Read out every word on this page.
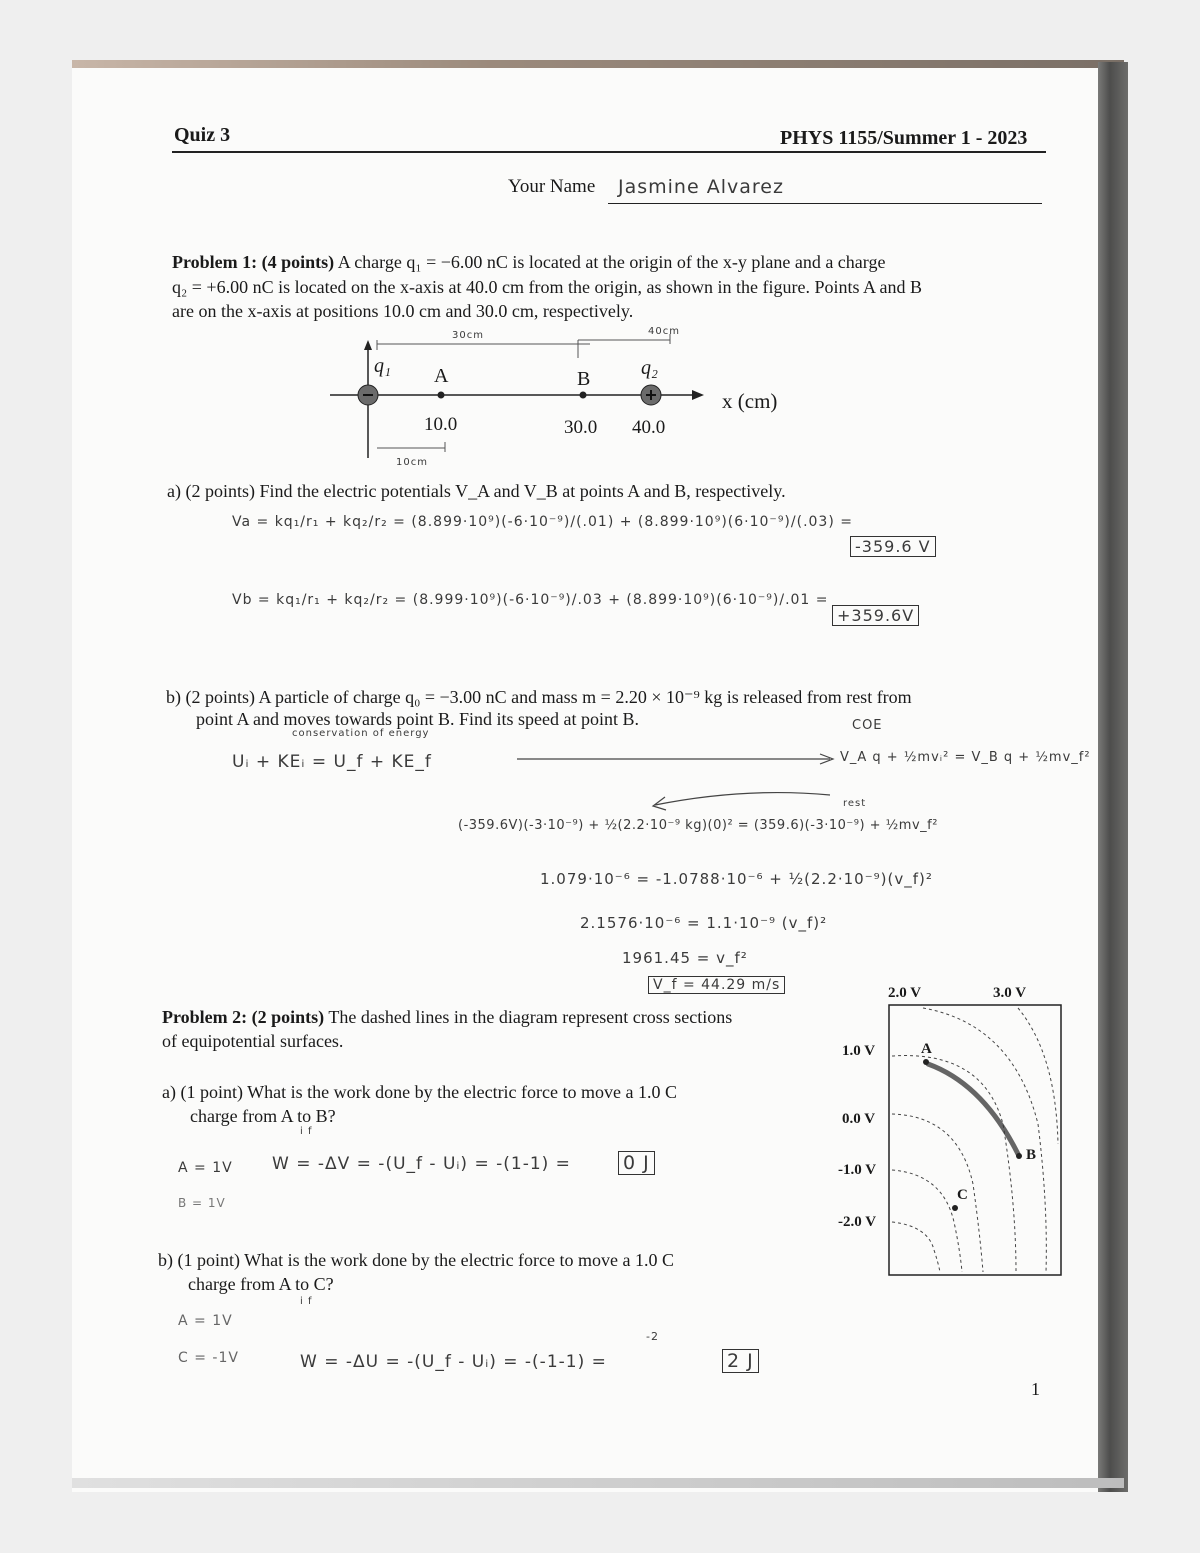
Quiz 3	PHYS 1155/Summer 1 - 2023
Your Name Jasmine Alvarez
Problem 1: (4 points) A charge q₁ = −6.00 nC is located at the origin of the x-y plane and a charge
q₂ = +6.00 nC is located on the x-axis at 40.0 cm from the origin, as shown in the figure. Points A and B
are on the x-axis at positions 10.0 cm and 30.0 cm, respectively.
q₁ A	B	q₂
x (cm)
10.0	30.0 40.0
30cm	40cm
10cm
a) (2 points) Find the electric potentials V_A and V_B at points A and B, respectively.
Va = kq₁/r₁ + kq₂/r₂ = (8.899·10⁹)(-6·10⁻⁹)/(.01) + (8.899·10⁹)(6·10⁻⁹)/(.03) =
-359.6 V
Vb = kq₁/r₁ + kq₂/r₂ = (8.999·10⁹)(-6·10⁻⁹)/.03 + (8.899·10⁹)(6·10⁻⁹)/.01 =
+359.6V
b) (2 points) A particle of charge q₀ = −3.00 nC and mass m = 2.20 × 10⁻⁹ kg is released from rest from
point A and moves towards point B. Find its speed at point B.
conservation of energy
COE
Uᵢ + KEᵢ = U_f + KE_f	V_A q + ½mvᵢ² = V_B q + ½mv_f²
rest
(-359.6V)(-3·10⁻⁹) + ½(2.2·10⁻⁹ kg)(0)² = (359.6)(-3·10⁻⁹) + ½mv_f²
1.079·10⁻⁶ = -1.0788·10⁻⁶ + ½(2.2·10⁻⁹)(v_f)²
2.1576·10⁻⁶ = 1.1·10⁻⁹ (v_f)²
1961.45 = v_f²
V_f = 44.29 m/s
Problem 2: (2 points) The dashed lines in the diagram represent cross sections
of equipotential surfaces.
a) (1 point) What is the work done by the electric force to move a 1.0 C
charge from A to B?
i f
A = 1V
B = 1V
W = -ΔV = -(U_f - Uᵢ) = -(1-1) =	0 J
b) (1 point) What is the work done by the electric force to move a 1.0 C
charge from A to C?
i f
A = 1V
C = -1V
-2
W = -ΔU = -(U_f - Uᵢ) = -(-1-1) =	2 J
2.0 V	3.0 V
1.0 V
0.0 V
-1.0 V
-2.0 V
A
B
C
1
